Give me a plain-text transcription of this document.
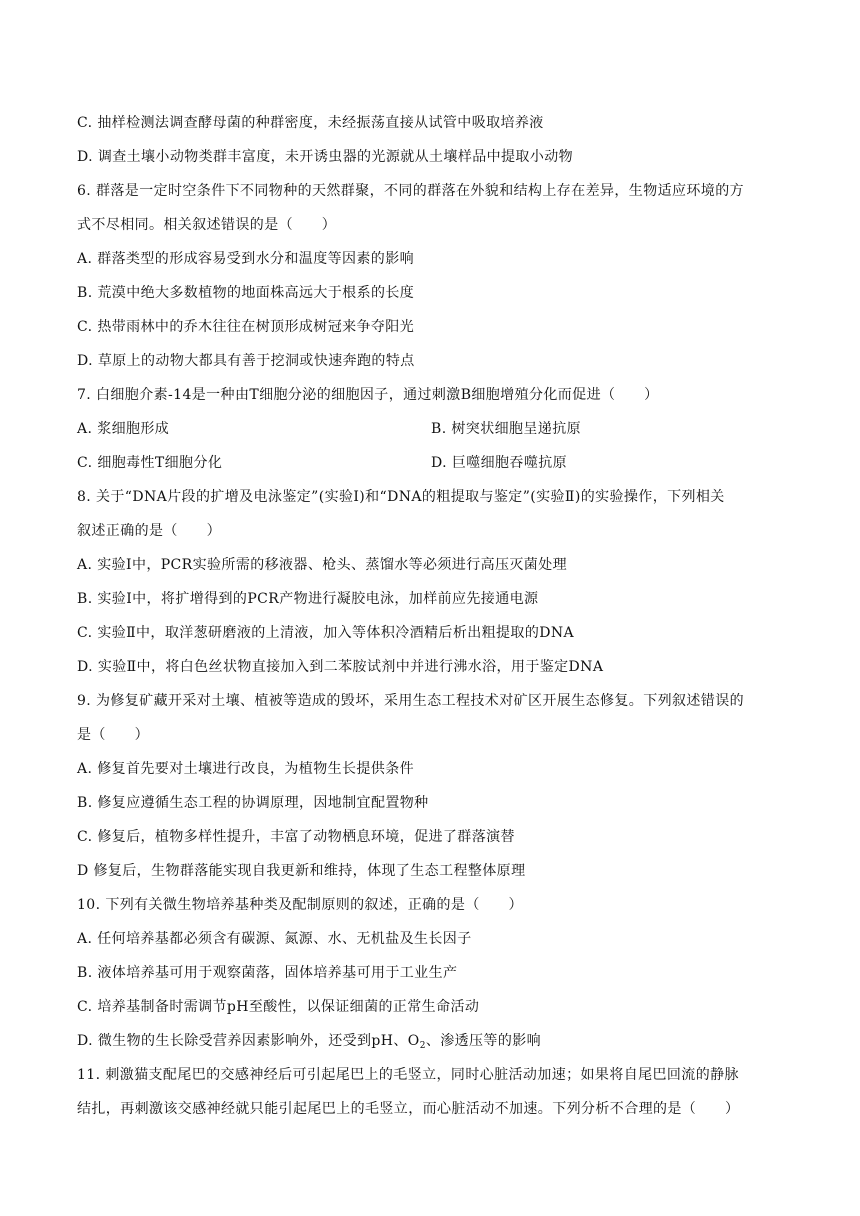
C. 抽样检测法调查酵母菌的种群密度，未经振荡直接从试管中吸取培养液
D. 调查土壤小动物类群丰富度，未开诱虫器的光源就从土壤样品中提取小动物
6. 群落是一定时空条件下不同物种的天然群聚，不同的群落在外貌和结构上存在差异，生物适应环境的方
式不尽相同。相关叙述错误的是（　　）
A. 群落类型的形成容易受到水分和温度等因素的影响
B. 荒漠中绝大多数植物的地面株高远大于根系的长度
C. 热带雨林中的乔木往往在树顶形成树冠来争夺阳光
D. 草原上的动物大都具有善于挖洞或快速奔跑的特点
7. 白细胞介素-14是一种由T细胞分泌的细胞因子，通过刺激B细胞增殖分化而促进（　　）
A. 浆细胞形成	B. 树突状细胞呈递抗原
C. 细胞毒性T细胞分化	D. 巨噬细胞吞噬抗原
8. 关于“DNA片段的扩增及电泳鉴定”(实验Ⅰ)和“DNA的粗提取与鉴定”(实验Ⅱ)的实验操作，下列相关
叙述正确的是（　　）
A. 实验Ⅰ中，PCR实验所需的移液器、枪头、蒸馏水等必须进行高压灭菌处理
B. 实验Ⅰ中，将扩增得到的PCR产物进行凝胶电泳，加样前应先接通电源
C. 实验Ⅱ中，取洋葱研磨液的上清液，加入等体积冷酒精后析出粗提取的DNA
D. 实验Ⅱ中，将白色丝状物直接加入到二苯胺试剂中并进行沸水浴，用于鉴定DNA
9. 为修复矿藏开采对土壤、植被等造成的毁坏，采用生态工程技术对矿区开展生态修复。下列叙述错误的
是（　　）
A. 修复首先要对土壤进行改良，为植物生长提供条件
B. 修复应遵循生态工程的协调原理，因地制宜配置物种
C. 修复后，植物多样性提升，丰富了动物栖息环境，促进了群落演替
D 修复后，生物群落能实现自我更新和维持，体现了生态工程整体原理
10. 下列有关微生物培养基种类及配制原则的叙述，正确的是（　　）
A. 任何培养基都必须含有碳源、氮源、水、无机盐及生长因子
B. 液体培养基可用于观察菌落，固体培养基可用于工业生产
C. 培养基制备时需调节pH至酸性，以保证细菌的正常生命活动
D. 微生物的生长除受营养因素影响外，还受到pH、$O_2$、渗透压等的影响
11. 刺激猫支配尾巴的交感神经后可引起尾巴上的毛竖立，同时心脏活动加速；如果将自尾巴回流的静脉
结扎，再刺激该交感神经就只能引起尾巴上的毛竖立，而心脏活动不加速。下列分析不合理的是（　　）
